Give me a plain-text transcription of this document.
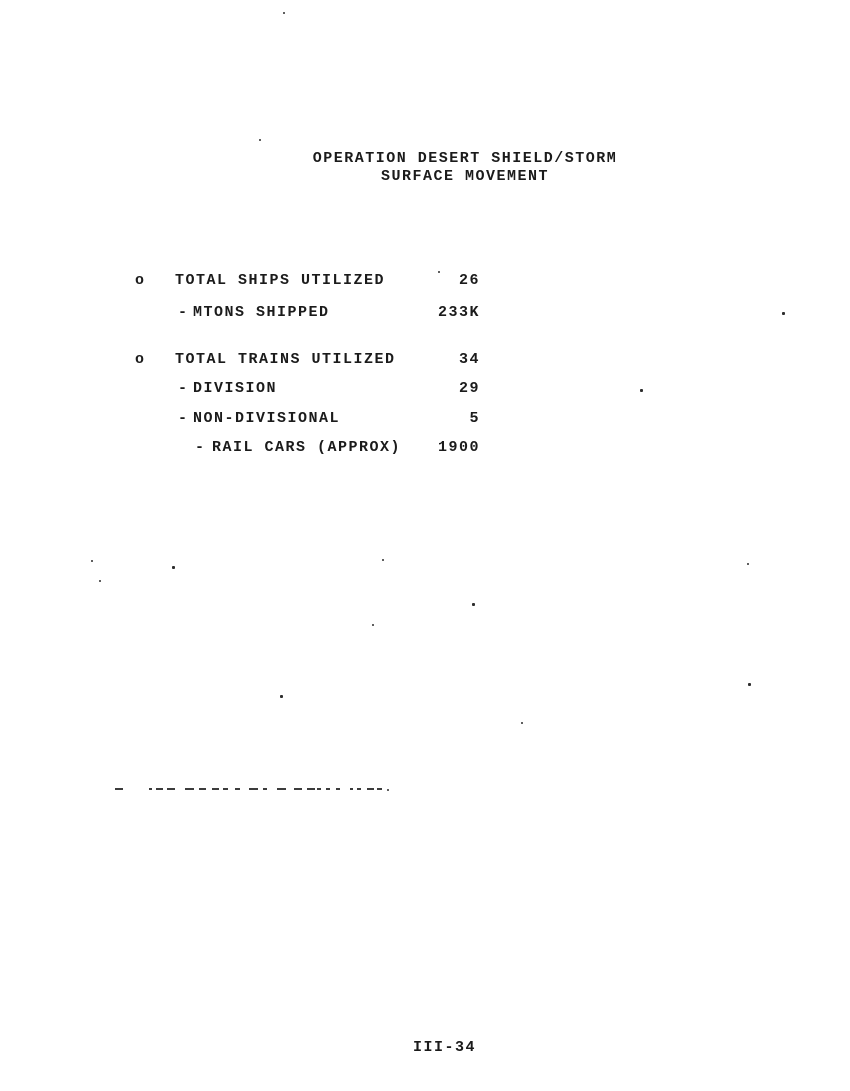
OPERATION DESERT SHIELD/STORM
SURFACE MOVEMENT
o	TOTAL SHIPS UTILIZED	26
- MTONS SHIPPED	233K
o	TOTAL TRAINS UTILIZED	34
- DIVISION	29
- NON-DIVISIONAL	5
- RAIL CARS (APPROX) 1900
III-34
